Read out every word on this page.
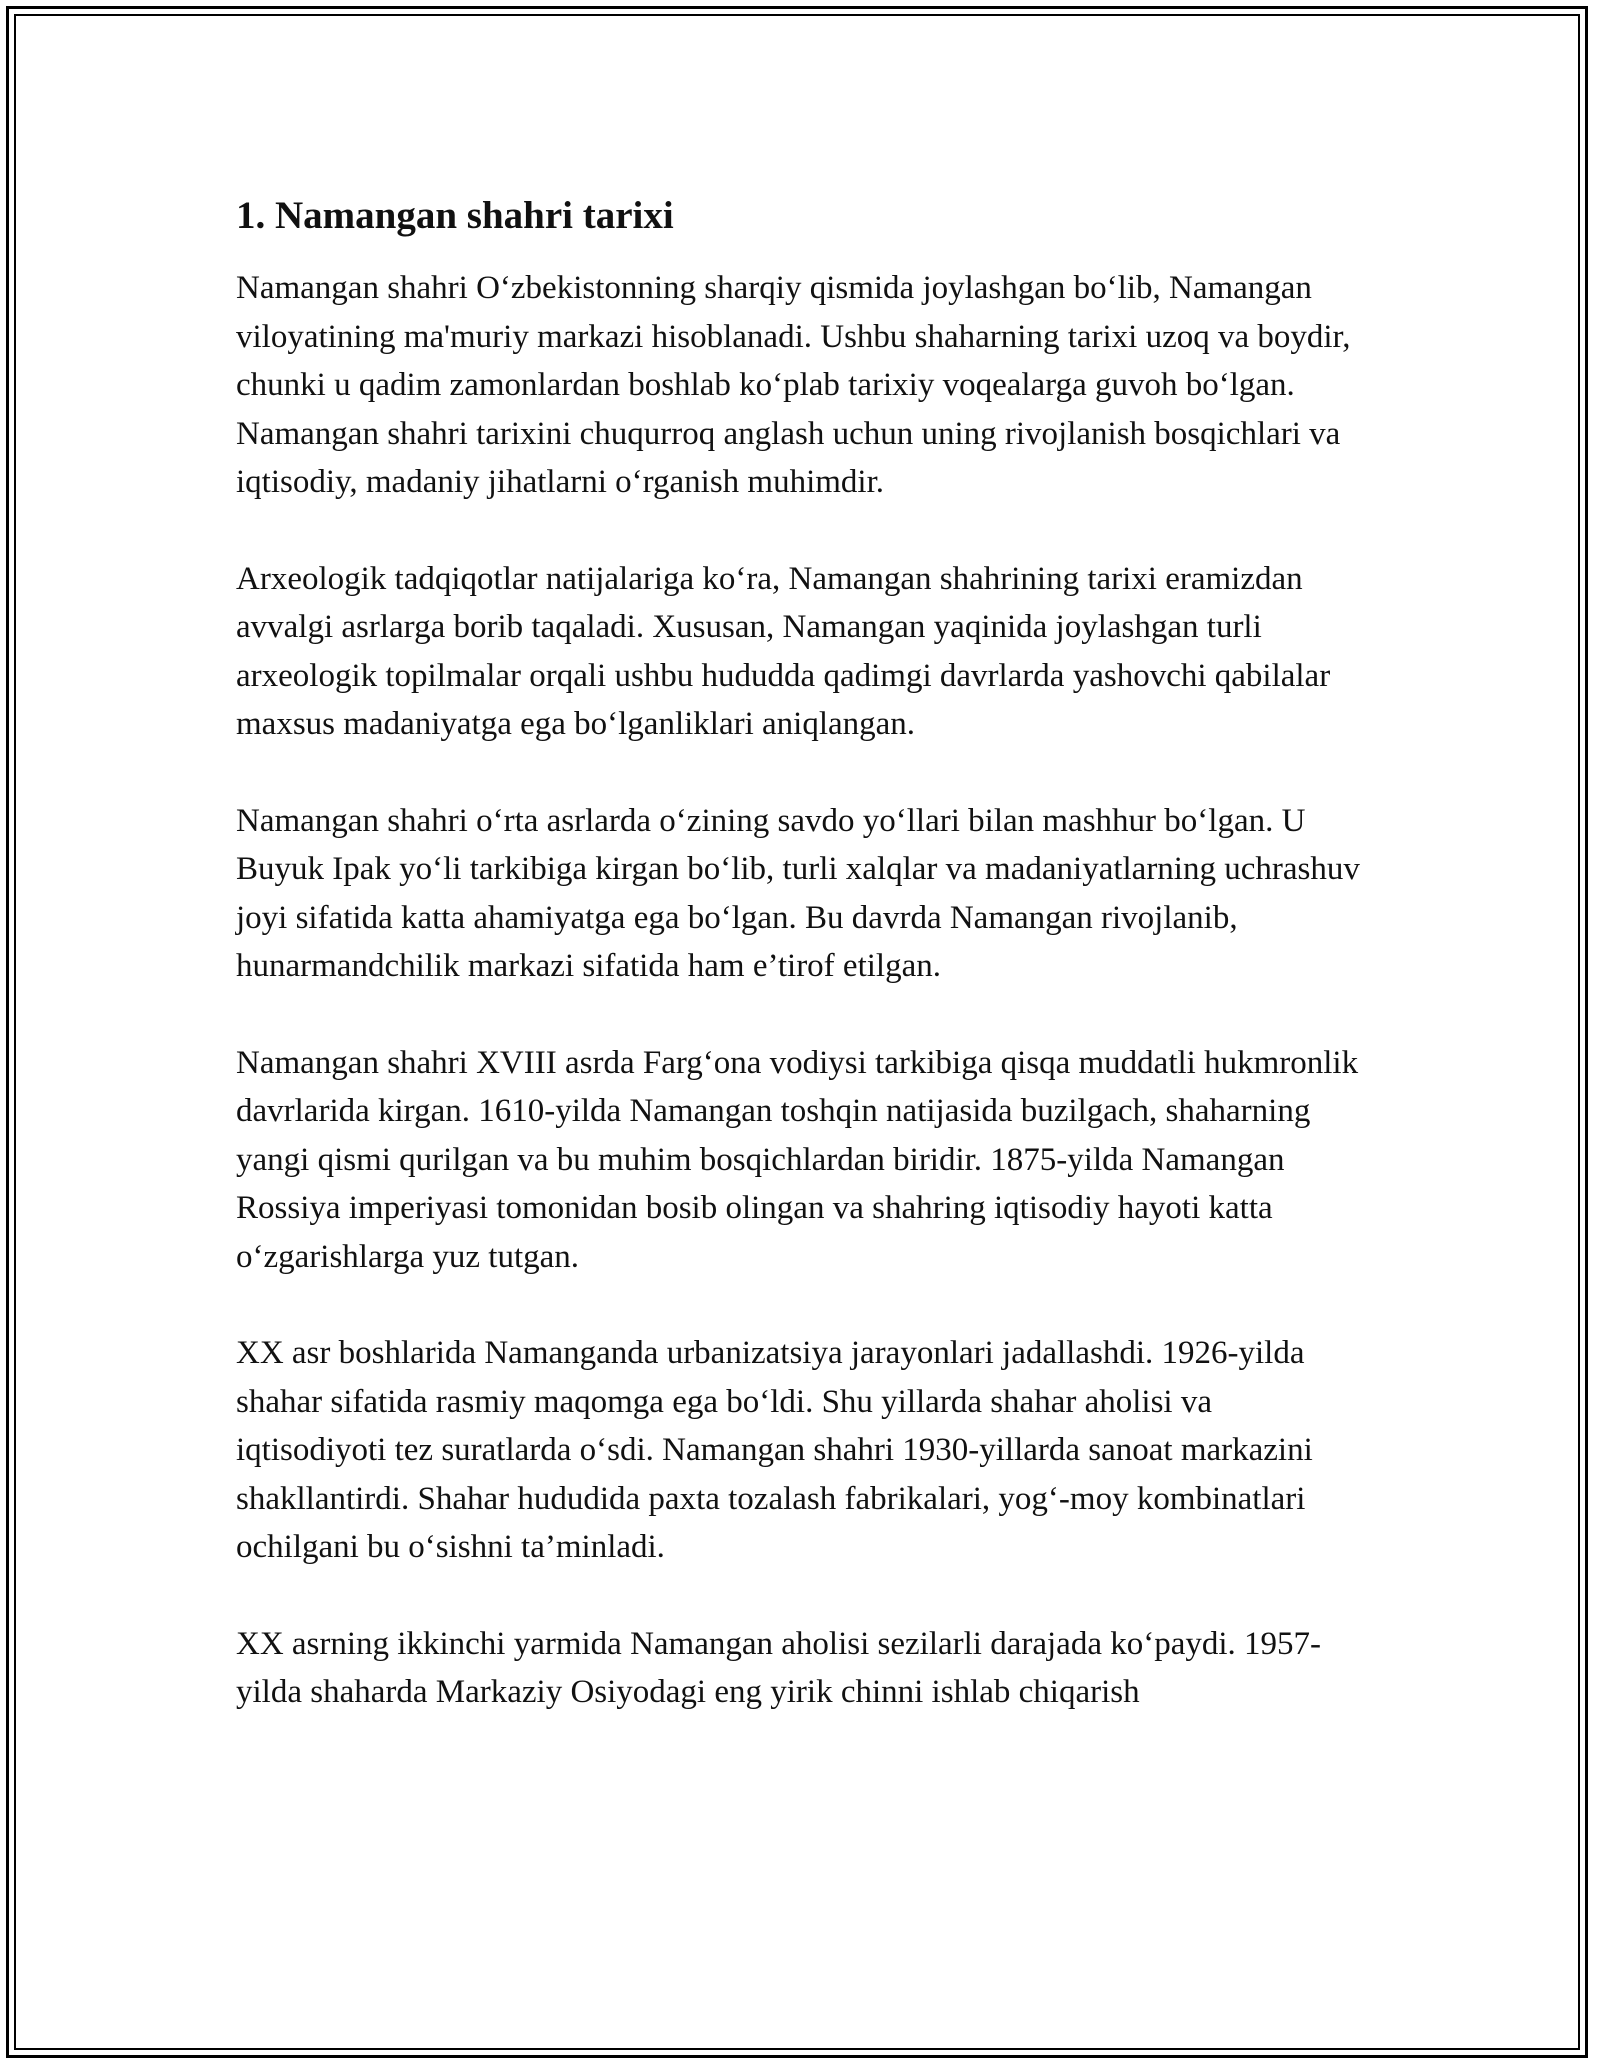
1. Namangan shahri tarixi

Namangan shahri O‘zbekistonning sharqiy qismida joylashgan bo‘lib, Namangan viloyatining ma'muriy markazi hisoblanadi. Ushbu shaharning tarixi uzoq va boydir, chunki u qadim zamonlardan boshlab ko‘plab tarixiy voqealarga guvoh bo‘lgan. Namangan shahri tarixini chuqurroq anglash uchun uning rivojlanish bosqichlari va iqtisodiy, madaniy jihatlarni o‘rganish muhimdir.

Arxeologik tadqiqotlar natijalariga ko‘ra, Namangan shahrining tarixi eramizdan avvalgi asrlarga borib taqaladi. Xususan, Namangan yaqinida joylashgan turli arxeologik topilmalar orqali ushbu hududda qadimgi davrlarda yashovchi qabilalar maxsus madaniyatga ega bo‘lganliklari aniqlangan.

Namangan shahri o‘rta asrlarda o‘zining savdo yo‘llari bilan mashhur bo‘lgan. U Buyuk Ipak yo‘li tarkibiga kirgan bo‘lib, turli xalqlar va madaniyatlarning uchrashuv joyi sifatida katta ahamiyatga ega bo‘lgan. Bu davrda Namangan rivojlanib, hunarmandchilik markazi sifatida ham e’tirof etilgan.

Namangan shahri XVIII asrda Farg‘ona vodiysi tarkibiga qisqa muddatli hukmronlik davrlarida kirgan. 1610-yilda Namangan toshqin natijasida buzilgach, shaharning yangi qismi qurilgan va bu muhim bosqichlardan biridir. 1875-yilda Namangan Rossiya imperiyasi tomonidan bosib olingan va shahring iqtisodiy hayoti katta o‘zgarishlarga yuz tutgan.

XX asr boshlarida Namanganda urbanizatsiya jarayonlari jadallashdi. 1926-yilda shahar sifatida rasmiy maqomga ega bo‘ldi. Shu yillarda shahar aholisi va iqtisodiyoti tez suratlarda o‘sdi. Namangan shahri 1930-yillarda sanoat markazini shakllantirdi. Shahar hududida paxta tozalash fabrikalari, yog‘-moy kombinatlari ochilgani bu o‘sishni ta’minladi.

XX asrning ikkinchi yarmida Namangan aholisi sezilarli darajada ko‘paydi. 1957-yilda shaharda Markaziy Osiyodagi eng yirik chinni ishlab chiqarish
